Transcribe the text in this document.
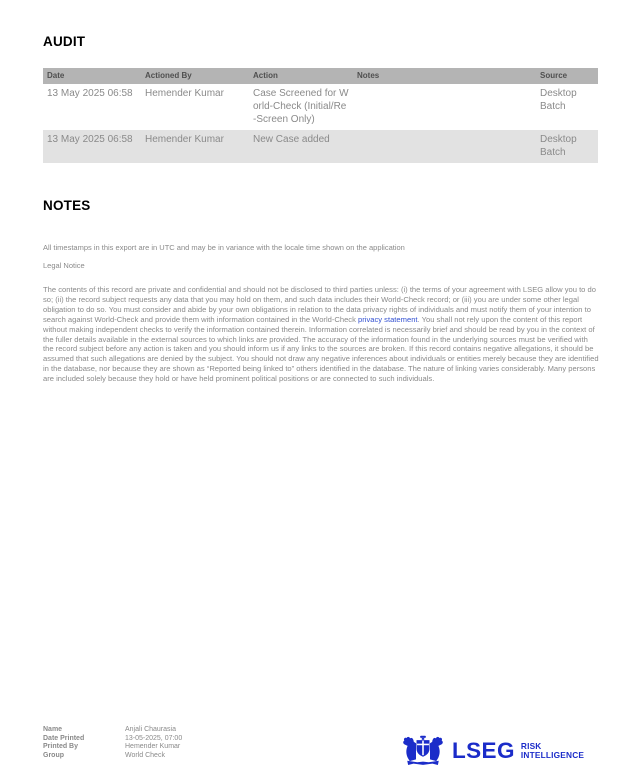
AUDIT
Date	Actioned By	Action	Notes	Source
13 May 2025 06:58	Hemender Kumar	Case Screened for World-Check (Initial/Re-Screen Only)		Desktop Batch
13 May 2025 06:58	Hemender Kumar	New Case added		Desktop Batch
NOTES
All timestamps in this export are in UTC and may be in variance with the locale time shown on the application
Legal Notice
The contents of this record are private and confidential and should not be disclosed to third parties unless: (i) the terms of your agreement with LSEG allow you to do so; (ii) the record subject requests any data that you may hold on them, and such data includes their World-Check record; or (iii) you are under some other legal obligation to do so. You must consider and abide by your own obligations in relation to the data privacy rights of individuals and must notify them of your intention to search against World-Check and provide them with information contained in the World-Check privacy statement. You shall not rely upon the content of this report without making independent checks to verify the information contained therein. Information correlated is necessarily brief and should be read by you in the context of the fuller details available in the external sources to which links are provided. The accuracy of the information found in the underlying sources must be verified with the record subject before any action is taken and you should inform us if any links to the sources are broken. If this record contains negative allegations, it should be assumed that such allegations are denied by the subject. You should not draw any negative inferences about individuals or entities merely because they are identified in the database, nor because they are shown as “Reported being linked to” others identified in the database. The nature of linking varies considerably. Many persons are included solely because they hold or have held prominent political positions or are connected to such individuals.
Name	Anjali Chaurasia
Date Printed	13-05-2025, 07:00
Printed By	Hemender Kumar
Group	World Check	LSEG RISK
INTELLIGENCE
